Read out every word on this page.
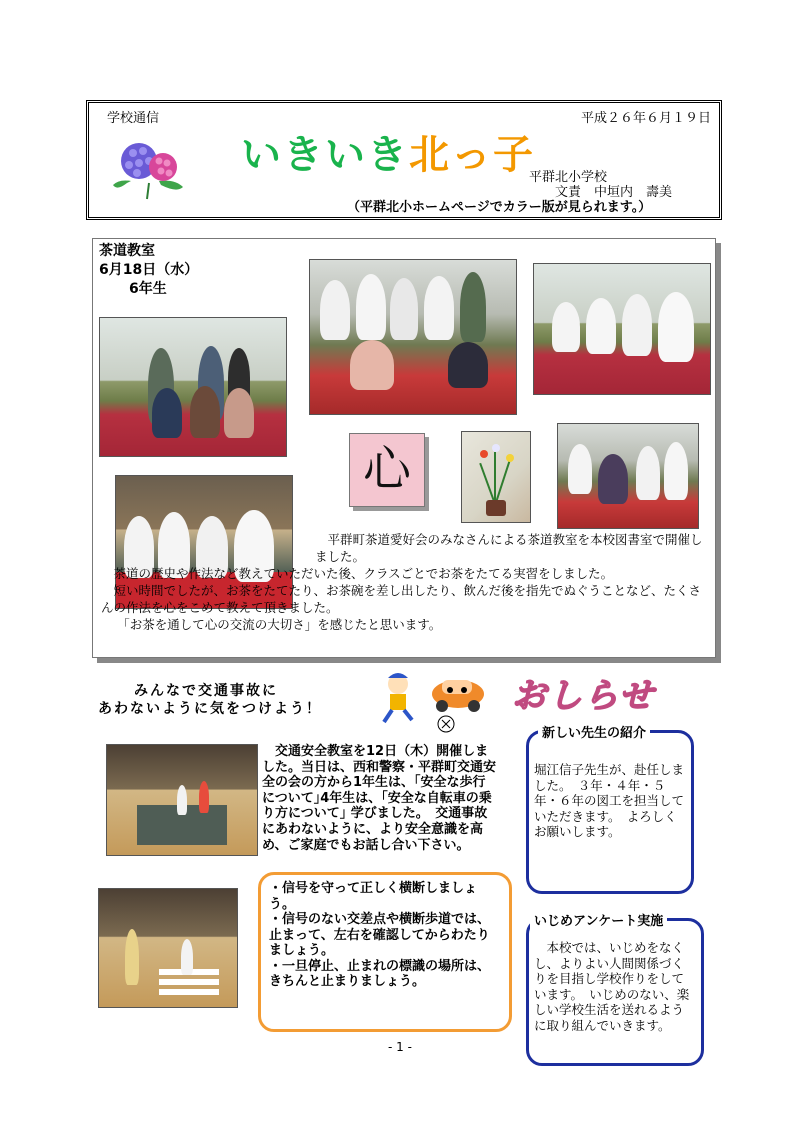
学校通信	平成２６年６月１９日
いきいき北っ子
平群北小学校
文責　中垣内　壽美
（平群北小ホームページでカラー版が見られます。）
茶道教室
6月18日（水）
6年生
心

　平群町茶道愛好会のみなさんによる茶道教室を本校図書室で開催しました。

　茶道の歴史や作法など教えていただいた後、クラスごとでお茶をたてる実習をしました。

　短い時間でしたが、お茶をたてたり、お茶碗を差し出したり、飲んだ後を指先でぬぐうことなど、たくさんの作法を心をこめて教えて頂きました。

　「お茶を通して心の交流の大切さ」を感じたと思います。

みんなで交通事故に
あわないように気をつけよう！
　交通安全教室を12日（木）開催しました。当日は、西和警察・平群町交通安全の会の方から1年生は、｢安全な歩行について｣4年生は、｢安全な自転車の乗り方について｣ 学びました。　交通事故にあわないように、より安全意識を高め、ご家庭でもお話し合い下さい。
・信号を守って正しく横断しましょう。
・信号のない交差点や横断歩道では、止まって、左右を確認してからわたりましょう。
・一旦停止、止まれの標識の場所は、きちんと止まりましょう。
おしらせ
新しい先生の紹介
堀江信子先生が、赴任しました。　３年・４年・５年・６年の図工を担当していただきます。　よろしくお願いします。
いじめアンケート実施
　本校では、いじめをなくし、よりよい人間関係づくりを目指し学校作りをしています。　いじめのない、楽しい学校生活を送れるように取り組んでいきます。
- 1 -
